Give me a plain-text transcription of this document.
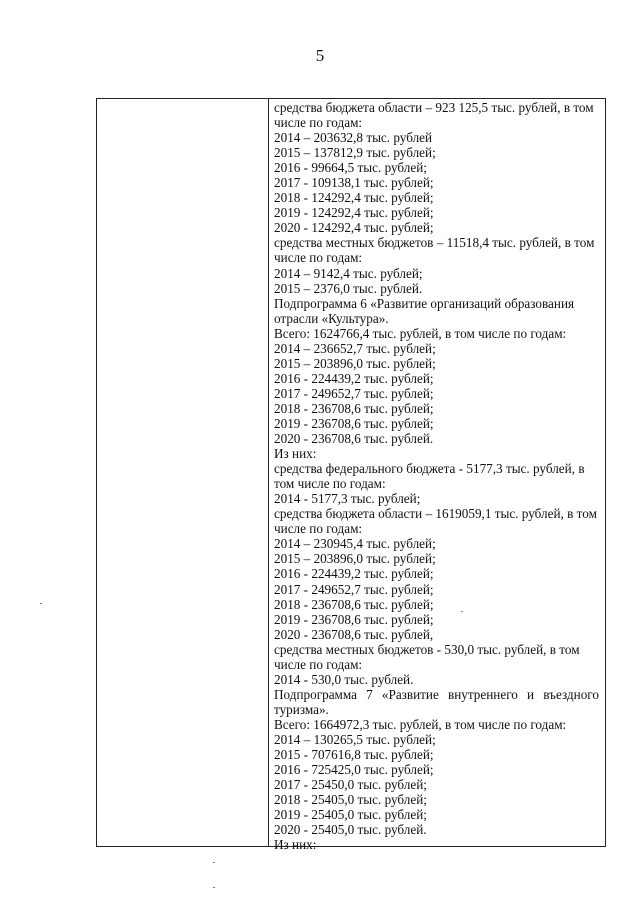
5
средства бюджета области – 923 125,5 тыс. рублей, в том
числе по годам:
2014 – 203632,8 тыс. рублей
2015 – 137812,9 тыс. рублей;
2016 - 99664,5 тыс. рублей;
2017 - 109138,1 тыс. рублей;
2018 - 124292,4 тыс. рублей;
2019 - 124292,4 тыс. рублей;
2020 - 124292,4 тыс. рублей;
средства местных бюджетов – 11518,4 тыс. рублей, в том
числе по годам:
2014 – 9142,4 тыс. рублей;
2015 – 2376,0 тыс. рублей.
Подпрограмма 6 «Развитие организаций образования
отрасли «Культура».
Всего: 1624766,4 тыс. рублей, в том числе по годам:
2014 – 236652,7 тыс. рублей;
2015 – 203896,0 тыс. рублей;
2016 - 224439,2 тыс. рублей;
2017 - 249652,7 тыс. рублей;
2018 - 236708,6 тыс. рублей;
2019 - 236708,6 тыс. рублей;
2020 - 236708,6 тыс. рублей.
Из них:
средства федерального бюджета - 5177,3 тыс. рублей, в
том числе по годам:
2014 - 5177,3 тыс. рублей;
средства бюджета области – 1619059,1 тыс. рублей, в том
числе по годам:
2014 – 230945,4 тыс. рублей;
2015 – 203896,0 тыс. рублей;
2016 - 224439,2 тыс. рублей;
2017 - 249652,7 тыс. рублей;
2018 - 236708,6 тыс. рублей;
2019 - 236708,6 тыс. рублей;
2020 - 236708,6 тыс. рублей,
средства местных бюджетов - 530,0 тыс. рублей, в том
числе по годам:
2014 - 530,0 тыс. рублей.
Подпрограмма 7 «Развитие внутреннего и въездного
туризма».
Всего: 1664972,3 тыс. рублей, в том числе по годам:
2014 – 130265,5 тыс. рублей;
2015 - 707616,8 тыс. рублей;
2016 - 725425,0 тыс. рублей;
2017 - 25450,0 тыс. рублей;
2018 - 25405,0 тыс. рублей;
2019 - 25405,0 тыс. рублей;
2020 - 25405,0 тыс. рублей.
Из них:
